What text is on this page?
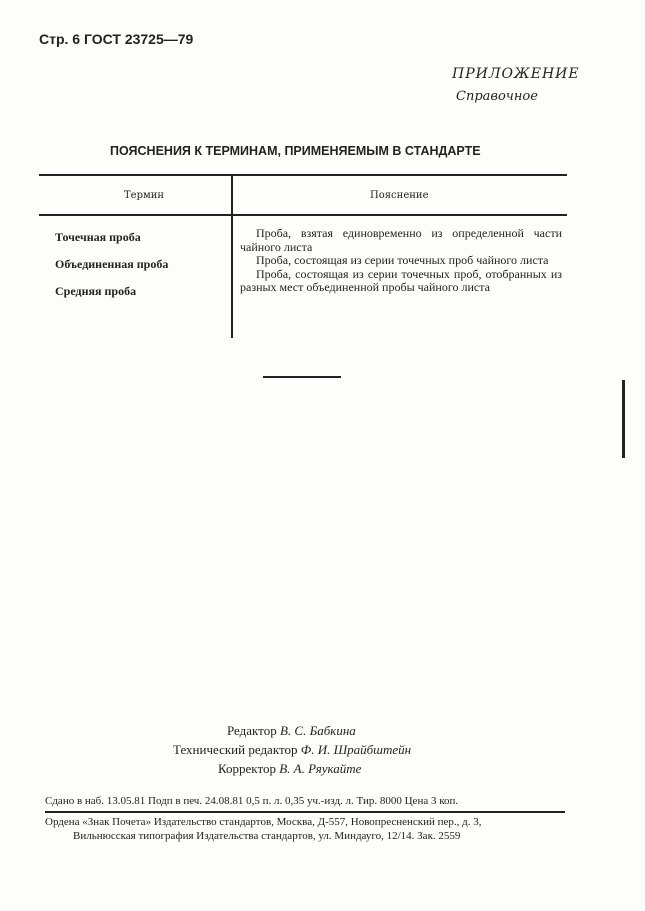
Стр. 6 ГОСТ 23725—79
ПРИЛОЖЕНИЕ
Справочное
ПОЯСНЕНИЯ К ТЕРМИНАМ, ПРИМЕНЯЕМЫМ В СТАНДАРТЕ
Термин	Пояснение
Точечная проба
Объединенная проба
Средняя проба

Проба, взятая единовременно из определенной части чайного листа

Проба, состоящая из серии точечных проб чайного листа

Проба, состоящая из серии точечных проб, отобранных из разных мест объединенной пробы чайного листа

Редактор В. С. Бабкина
Технический редактор Ф. И. Шрайбштейн
Корректор В. А. Ряукайте
Сдано в наб. 13.05.81 Подп в печ. 24.08.81 0,5 п. л. 0,35 уч.-изд. л. Тир. 8000 Цена 3 коп.
Ордена «Знак Почета» Издательство стандартов, Москва, Д-557, Новопресненский пер., д. 3,
Вильнюсская типография Издательства стандартов, ул. Миндауго, 12/14. Зак. 2559
